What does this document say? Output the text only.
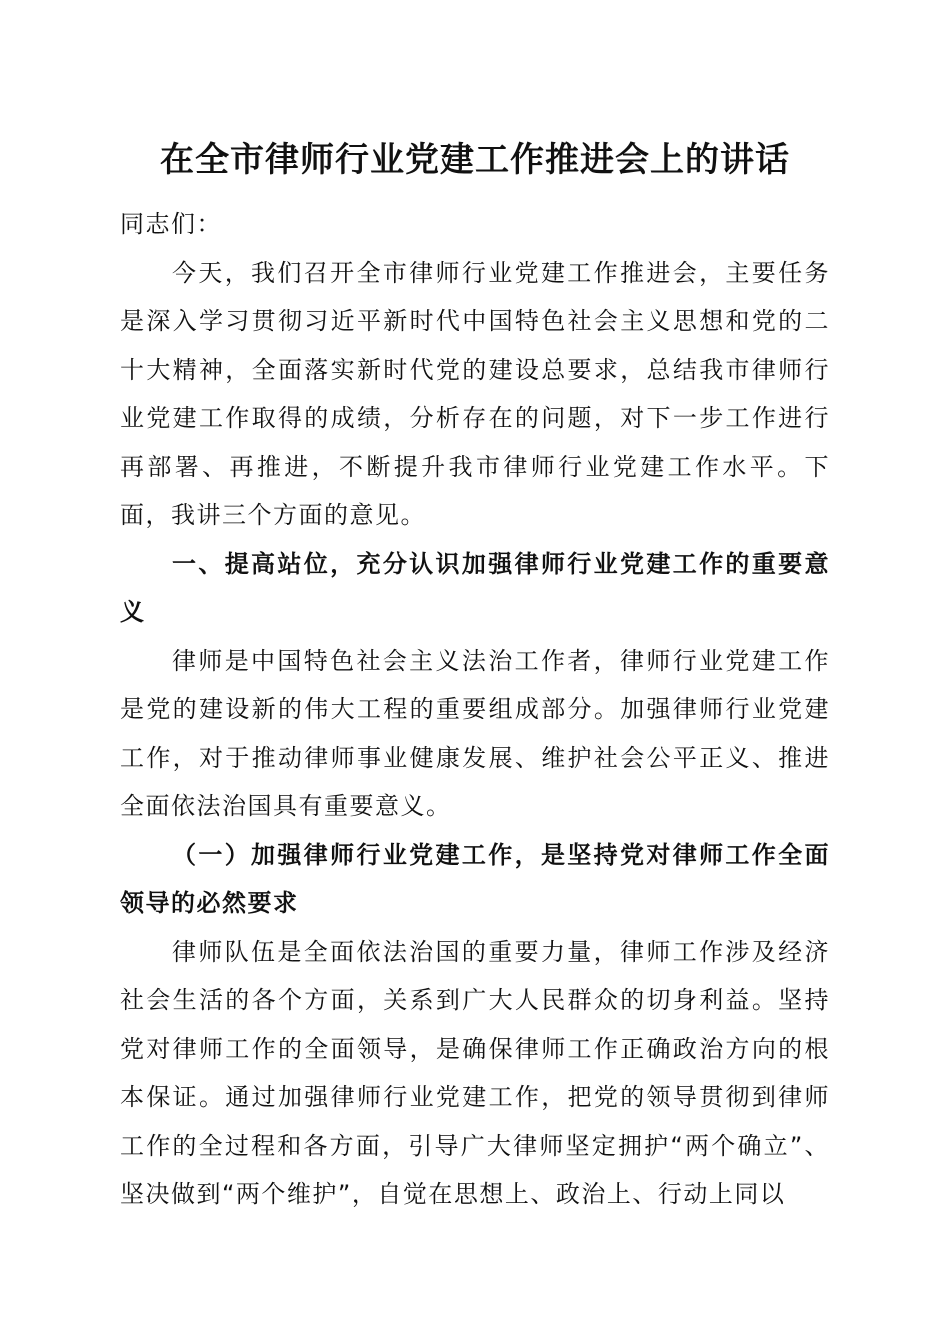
在全市律师行业党建工作推进会上的讲话

同志们：

今天，我们召开全市律师行业党建工作推进会，主要任务是深入学习贯彻习近平新时代中国特色社会主义思想和党的二十大精神，全面落实新时代党的建设总要求，总结我市律师行业党建工作取得的成绩，分析存在的问题，对下一步工作进行再部署、再推进，不断提升我市律师行业党建工作水平。下面，我讲三个方面的意见。

一、提高站位，充分认识加强律师行业党建工作的重要意义

律师是中国特色社会主义法治工作者，律师行业党建工作是党的建设新的伟大工程的重要组成部分。加强律师行业党建工作，对于推动律师事业健康发展、维护社会公平正义、推进全面依法治国具有重要意义。

（一）加强律师行业党建工作，是坚持党对律师工作全面领导的必然要求

律师队伍是全面依法治国的重要力量，律师工作涉及经济社会生活的各个方面，关系到广大人民群众的切身利益。坚持党对律师工作的全面领导，是确保律师工作正确政治方向的根本保证。通过加强律师行业党建工作，把党的领导贯彻到律师工作的全过程和各方面，引导广大律师坚定拥护“两个确立”、坚决做到“两个维护”，自觉在思想上、政治上、行动上同以
